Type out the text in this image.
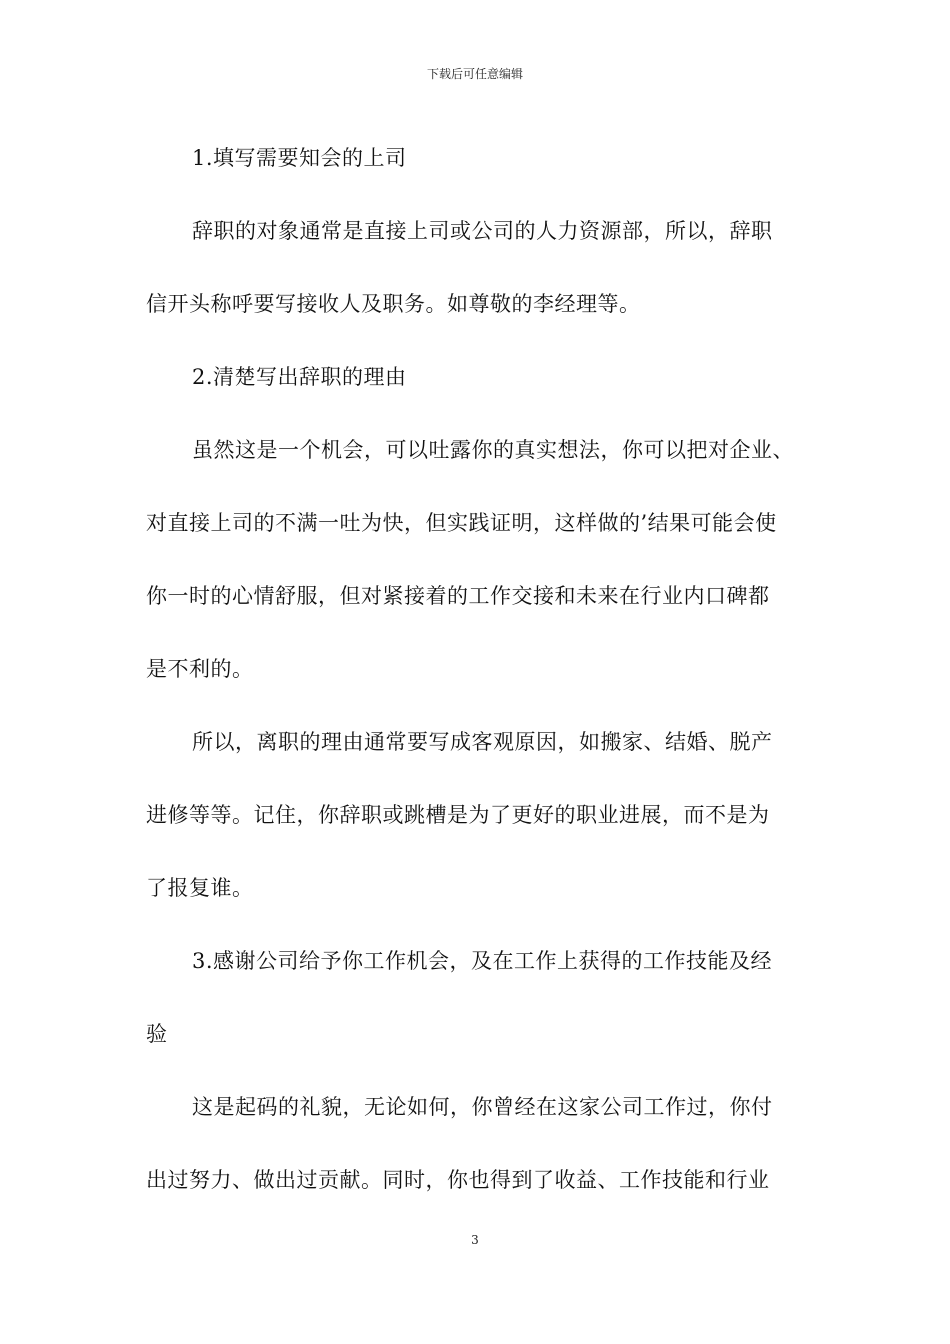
下载后可任意编辑

1.填写需要知会的上司

辞职的对象通常是直接上司或公司的人力资源部，所以，辞职
信开头称呼要写接收人及职务。如尊敬的李经理等。

2.清楚写出辞职的理由

虽然这是一个机会，可以吐露你的真实想法，你可以把对企业、
对直接上司的不满一吐为快，但实践证明，这样做的’结果可能会使
你一时的心情舒服，但对紧接着的工作交接和未来在行业内口碑都
是不利的。

所以，离职的理由通常要写成客观原因，如搬家、结婚、脱产
进修等等。记住，你辞职或跳槽是为了更好的职业进展，而不是为
了报复谁。

3.感谢公司给予你工作机会，及在工作上获得的工作技能及经
验

这是起码的礼貌，无论如何，你曾经在这家公司工作过，你付
出过努力、做出过贡献。同时，你也得到了收益、工作技能和行业

3
